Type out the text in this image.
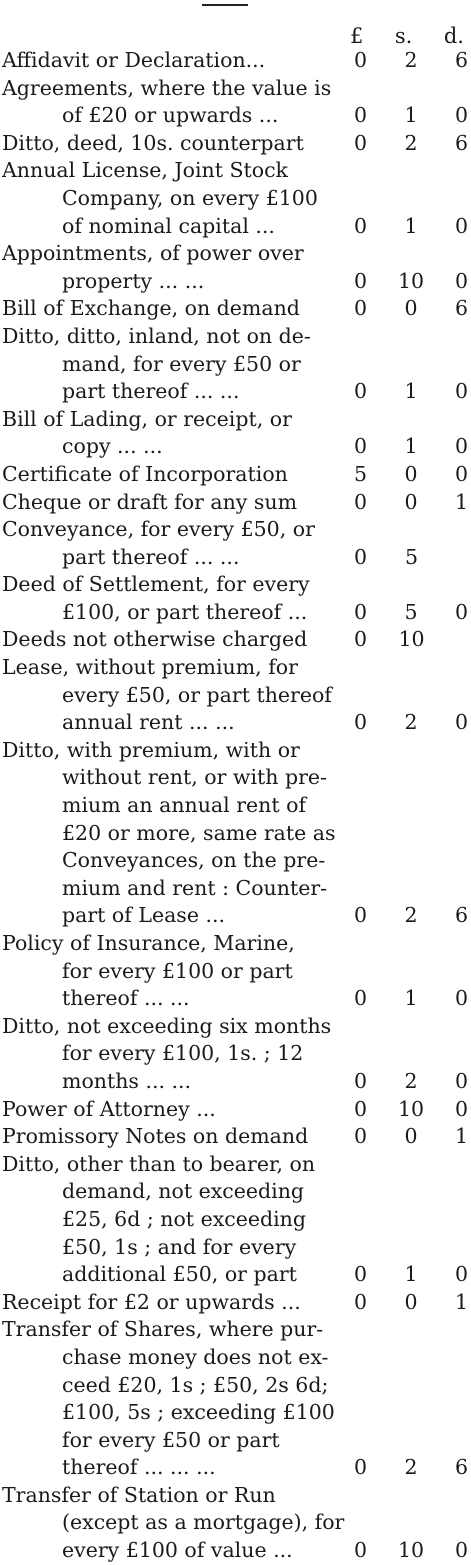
£ s. d.
Affidavit or Declaration...	0 2 6
Agreements, where the value is
of £20 or upwards ...	0 1 0
Ditto, deed, 10s. counterpart 0 2 6
Annual License, Joint Stock
Company, on every £100
of nominal capital ...	0 1 0
Appointments, of power over
property ... ...	0 10 0
Bill of Exchange, on demand	0 0 6
Ditto, ditto, inland, not on de-
mand, for every £50 or
part thereof ... ...	0 1 0
Bill of Lading, or receipt, or
copy ... ...	0 1 0
Certificate of Incorporation	5 0 0
Cheque or draft for any sum	0 0 1
Conveyance, for every £50, or
part thereof ... ...	0 5
Deed of Settlement, for every
£100, or part thereof ... 0 5 0
Deeds not otherwise charged 0 10
Lease, without premium, for
every £50, or part thereof
annual rent ... ...	0 2 0
Ditto, with premium, with or
without rent, or with pre-
mium an annual rent of
£20 or more, same rate as
Conveyances, on the pre-
mium and rent : Counter-
part of Lease ...	0 2 6
Policy of Insurance, Marine,
for every £100 or part
thereof ... ...	0 1 0
Ditto, not exceeding six months
for every £100, 1s. ; 12
months ... ...	0 2 0
Power of Attorney ...	0 10 0
Promissory Notes on demand 0 0 1
Ditto, other than to bearer, on
demand, not exceeding
£25, 6d ; not exceeding
£50, 1s ; and for every
additional £50, or part	0 1 0
Receipt for £2 or upwards ...	0 0 1
Transfer of Shares, where pur-
chase money does not ex-
ceed £20, 1s ; £50, 2s 6d;
£100, 5s ; exceeding £100
for every £50 or part
thereof ... ... ...	0 2 6
Transfer of Station or Run
(except as a mortgage), for
every £100 of value ...	0 10 0
